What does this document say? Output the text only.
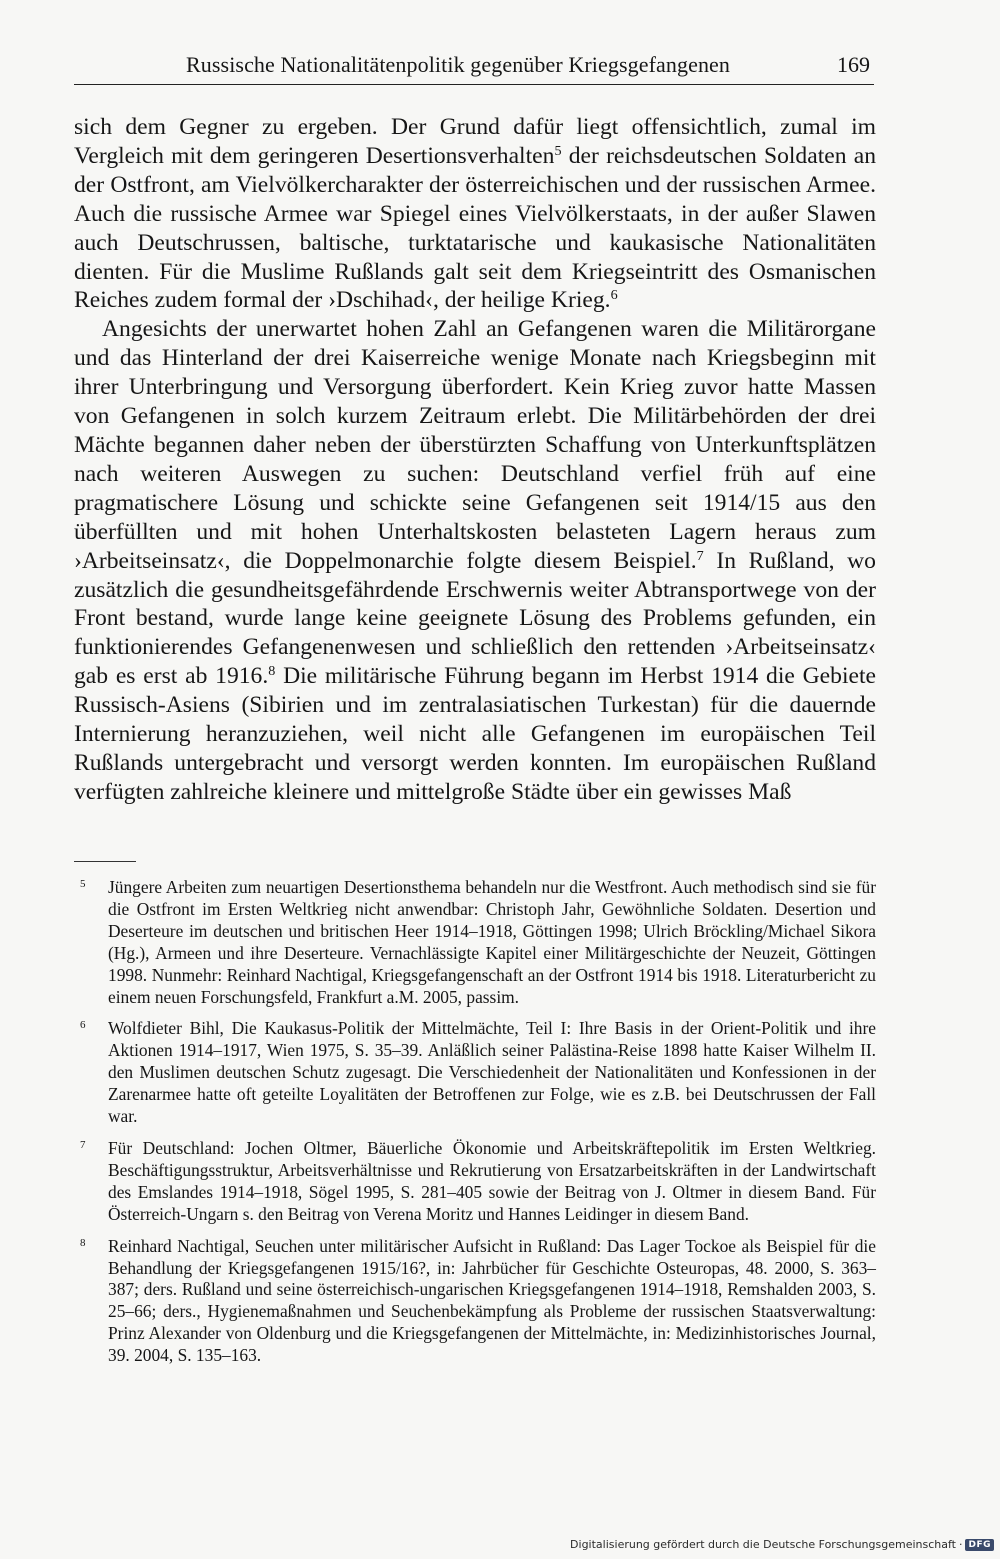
Russische Nationalitätenpolitik gegenüber Kriegsgefangenen	169

sich dem Gegner zu ergeben. Der Grund dafür liegt offensichtlich, zumal im Vergleich mit dem geringeren Desertionsverhalten$^5$ der reichsdeutschen Soldaten an der Ostfront, am Vielvölkercharakter der österreichischen und der russischen Armee. Auch die russische Armee war Spiegel eines Vielvölkerstaats, in der außer Slawen auch Deutschrussen, baltische, turktatarische und kaukasische Nationalitäten dienten. Für die Muslime Rußlands galt seit dem Kriegseintritt des Osmanischen Reiches zudem formal der ›Dschihad‹, der heilige Krieg.$^6$

Angesichts der unerwartet hohen Zahl an Gefangenen waren die Militärorgane und das Hinterland der drei Kaiserreiche wenige Monate nach Kriegsbeginn mit ihrer Unterbringung und Versorgung überfordert. Kein Krieg zuvor hatte Massen von Gefangenen in solch kurzem Zeitraum erlebt. Die Militärbehörden der drei Mächte begannen daher neben der überstürzten Schaffung von Unterkunftsplätzen nach weiteren Auswegen zu suchen: Deutschland verfiel früh auf eine pragmatischere Lösung und schickte seine Gefangenen seit 1914/15 aus den überfüllten und mit hohen Unterhaltskosten belasteten Lagern heraus zum ›Arbeitseinsatz‹, die Doppelmonarchie folgte diesem Beispiel.$^7$ In Rußland, wo zusätzlich die gesundheitsgefährdende Erschwernis weiter Abtransportwege von der Front bestand, wurde lange keine geeignete Lösung des Problems gefunden, ein funktionierendes Gefangenenwesen und schließlich den rettenden ›Arbeitseinsatz‹ gab es erst ab 1916.$^8$ Die militärische Führung begann im Herbst 1914 die Gebiete Russisch-Asiens (Sibirien und im zentralasiatischen Turkestan) für die dauernde Internierung heranzuziehen, weil nicht alle Gefangenen im europäischen Teil Rußlands untergebracht und versorgt werden konnten. Im europäischen Rußland verfügten zahlreiche kleinere und mittelgroße Städte über ein gewisses Maß

5	Jüngere Arbeiten zum neuartigen Desertionsthema behandeln nur die Westfront. Auch methodisch sind sie für die Ostfront im Ersten Weltkrieg nicht anwendbar: Christoph Jahr, Gewöhnliche Soldaten. Desertion und Deserteure im deutschen und britischen Heer 1914–1918, Göttingen 1998; Ulrich Bröckling/Michael Sikora (Hg.), Armeen und ihre Deserteure. Vernachlässigte Kapitel einer Militärgeschichte der Neuzeit, Göttingen 1998. Nunmehr: Reinhard Nachtigal, Kriegsgefangenschaft an der Ostfront 1914 bis 1918. Literaturbericht zu einem neuen Forschungsfeld, Frankfurt a.M. 2005, passim.
6	Wolfdieter Bihl, Die Kaukasus-Politik der Mittelmächte, Teil I: Ihre Basis in der Orient-Politik und ihre Aktionen 1914–1917, Wien 1975, S. 35–39. Anläßlich seiner Palästina-Reise 1898 hatte Kaiser Wilhelm II. den Muslimen deutschen Schutz zugesagt. Die Verschiedenheit der Nationalitäten und Konfessionen in der Zarenarmee hatte oft geteilte Loyalitäten der Betroffenen zur Folge, wie es z.B. bei Deutschrussen der Fall war.
7	Für Deutschland: Jochen Oltmer, Bäuerliche Ökonomie und Arbeitskräftepolitik im Ersten Weltkrieg. Beschäftigungsstruktur, Arbeitsverhältnisse und Rekrutierung von Ersatzarbeitskräften in der Landwirtschaft des Emslandes 1914–1918, Sögel 1995, S. 281–405 sowie der Beitrag von J. Oltmer in diesem Band. Für Österreich-Ungarn s. den Beitrag von Verena Moritz und Hannes Leidinger in diesem Band.
8	Reinhard Nachtigal, Seuchen unter militärischer Aufsicht in Rußland: Das Lager Tockoe als Beispiel für die Behandlung der Kriegsgefangenen 1915/16?, in: Jahrbücher für Geschichte Osteuropas, 48. 2000, S. 363–387; ders. Rußland und seine österreichisch-ungarischen Kriegsgefangenen 1914–1918, Remshalden 2003, S. 25–66; ders., Hygienemaßnahmen und Seuchenbekämpfung als Probleme der russischen Staatsverwaltung: Prinz Alexander von Oldenburg und die Kriegsgefangenen der Mittelmächte, in: Medizinhistorisches Journal, 39. 2004, S. 135–163.
Digitalisierung gefördert durch die Deutsche Forschungsgemeinschaft · DFG
